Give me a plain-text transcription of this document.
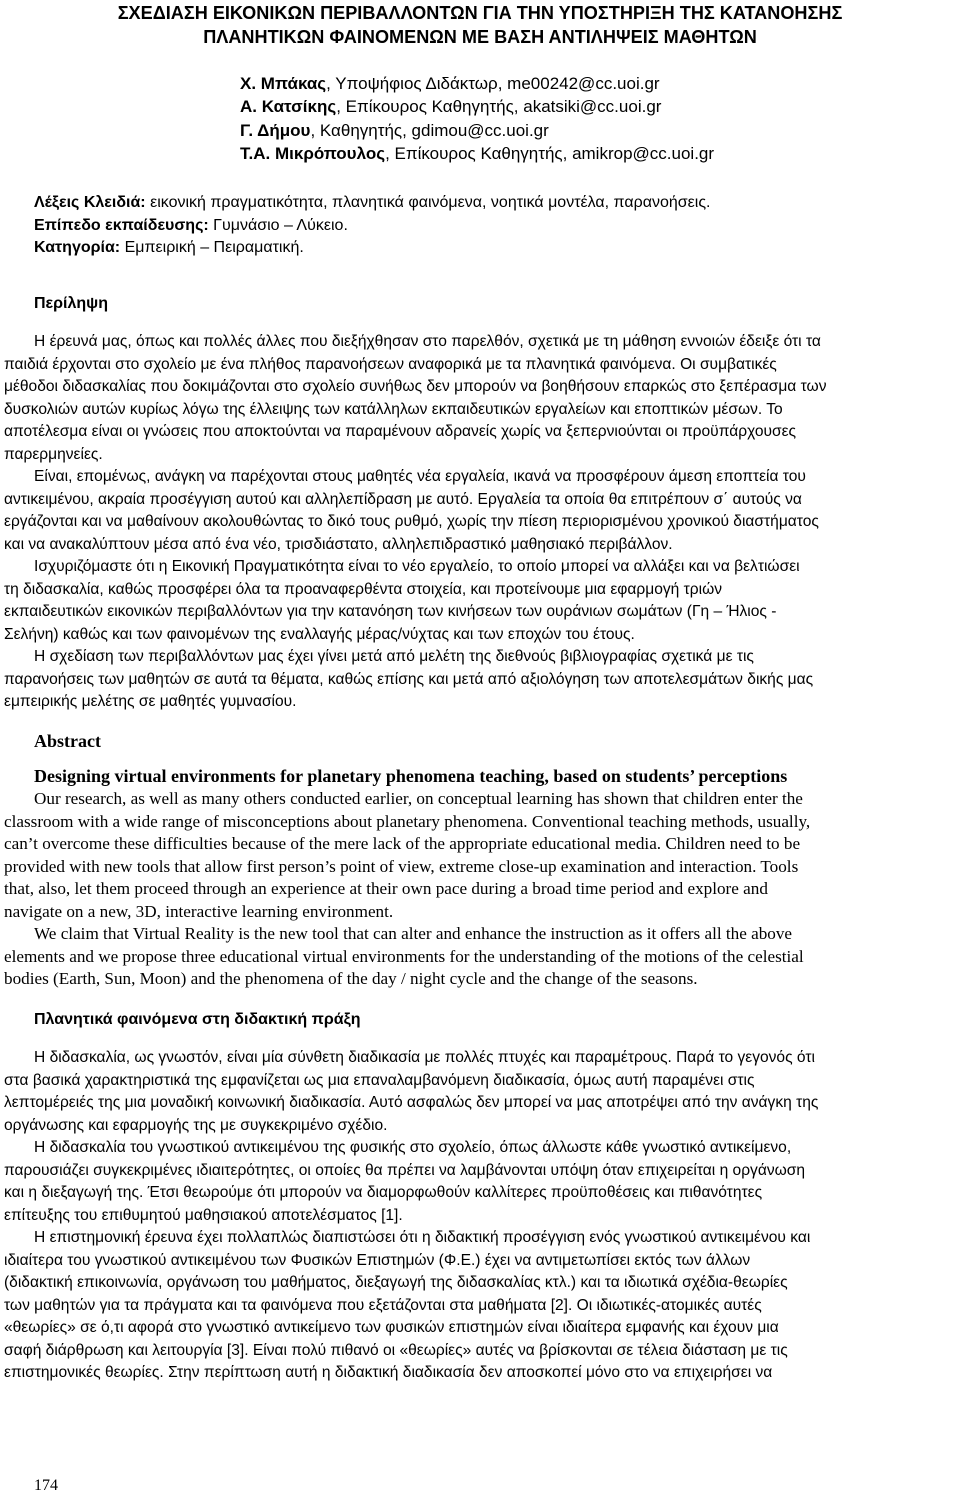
ΣΧΕΔΙΑΣΗ ΕΙΚΟΝΙΚΩΝ ΠΕΡΙΒΑΛΛΟΝΤΩΝ ΓΙΑ ΤΗΝ ΥΠΟΣΤΗΡΙΞΗ ΤΗΣ ΚΑΤΑΝΟΗΣΗΣ
ΠΛΑΝΗΤΙΚΩΝ ΦΑΙΝΟΜΕΝΩΝ ΜΕ ΒΑΣΗ ΑΝΤΙΛΗΨΕΙΣ ΜΑΘΗΤΩΝ
Χ. Μπάκας, Υποψήφιος Διδάκτωρ, me00242@cc.uoi.gr
Α. Κατσίκης, Επίκουρος Καθηγητής, akatsiki@cc.uoi.gr
Γ. Δήμου, Καθηγητής, gdimou@cc.uoi.gr
Τ.Α. Μικρόπουλος, Επίκουρος Καθηγητής, amikrop@cc.uoi.gr
Λέξεις Κλειδιά: εικονική πραγματικότητα, πλανητικά φαινόμενα, νοητικά μοντέλα, παρανοήσεις.
Επίπεδο εκπαίδευσης: Γυμνάσιο – Λύκειο.
Κατηγορία: Εμπειρική – Πειραματική.
Περίληψη
Η έρευνά μας, όπως και πολλές άλλες που διεξήχθησαν στο παρελθόν, σχετικά με τη μάθηση εννοιών έδειξε ότι τα
παιδιά έρχονται στο σχολείο με ένα πλήθος παρανοήσεων αναφορικά με τα πλανητικά φαινόμενα. Οι συμβατικές
μέθοδοι διδασκαλίας που δοκιμάζονται στο σχολείο συνήθως δεν μπορούν να βοηθήσουν επαρκώς στο ξεπέρασμα των
δυσκολιών αυτών κυρίως λόγω της έλλειψης των κατάλληλων εκπαιδευτικών εργαλείων και εποπτικών μέσων. Το
αποτέλεσμα είναι οι γνώσεις που αποκτούνται να παραμένουν αδρανείς χωρίς να ξεπερνιούνται οι προϋπάρχουσες
παρερμηνείες.
Είναι, επομένως, ανάγκη να παρέχονται στους μαθητές νέα εργαλεία, ικανά να προσφέρουν άμεση εποπτεία του
αντικειμένου, ακραία προσέγγιση αυτού και αλληλεπίδραση με αυτό. Εργαλεία τα οποία θα επιτρέπουν σ΄ αυτούς να
εργάζονται και να μαθαίνουν ακολουθώντας το δικό τους ρυθμό, χωρίς την πίεση περιορισμένου χρονικού διαστήματος
και να ανακαλύπτουν μέσα από ένα νέο, τρισδιάστατο, αλληλεπιδραστικό μαθησιακό περιβάλλον.
Ισχυριζόμαστε ότι η Εικονική Πραγματικότητα είναι το νέο εργαλείο, το οποίο μπορεί να αλλάξει και να βελτιώσει
τη διδασκαλία, καθώς προσφέρει όλα τα προαναφερθέντα στοιχεία, και προτείνουμε μια εφαρμογή τριών
εκπαιδευτικών εικονικών περιβαλλόντων για την κατανόηση των κινήσεων των ουράνιων σωμάτων (Γη – Ήλιος -
Σελήνη) καθώς και των φαινομένων της εναλλαγής μέρας/νύχτας και των εποχών του έτους.
Η σχεδίαση των περιβαλλόντων μας έχει γίνει μετά από μελέτη της διεθνούς βιβλιογραφίας σχετικά με τις
παρανοήσεις των μαθητών σε αυτά τα θέματα, καθώς επίσης και μετά από αξιολόγηση των αποτελεσμάτων δικής μας
εμπειρικής μελέτης σε μαθητές γυμνασίου.
Abstract
Designing virtual environments for planetary phenomena teaching, based on students’ perceptions
Our research, as well as many others conducted earlier, on conceptual learning has shown that children enter the
classroom with a wide range of misconceptions about planetary phenomena. Conventional teaching methods, usually,
can’t overcome these difficulties because of the mere lack of the appropriate educational media. Children need to be
provided with new tools that allow first person’s point of view, extreme close-up examination and interaction. Tools
that, also, let them proceed through an experience at their own pace during a broad time period and explore and
navigate on a new, 3D, interactive learning environment.
We claim that Virtual Reality is the new tool that can alter and enhance the instruction as it offers all the above
elements and we propose three educational virtual environments for the understanding of the motions of the celestial
bodies (Earth, Sun, Moon) and the phenomena of the day / night cycle and the change of the seasons.
Πλανητικά φαινόμενα στη διδακτική πράξη
Η διδασκαλία, ως γνωστόν, είναι μία σύνθετη διαδικασία με πολλές πτυχές και παραμέτρους. Παρά το γεγονός ότι
στα βασικά χαρακτηριστικά της εμφανίζεται ως μια επαναλαμβανόμενη διαδικασία, όμως αυτή παραμένει στις
λεπτομέρειές της μια μοναδική κοινωνική διαδικασία. Αυτό ασφαλώς δεν μπορεί να μας αποτρέψει από την ανάγκη της
οργάνωσης και εφαρμογής της με συγκεκριμένο σχέδιο.
Η διδασκαλία του γνωστικού αντικειμένου της φυσικής στο σχολείο, όπως άλλωστε κάθε γνωστικό αντικείμενο,
παρουσιάζει συγκεκριμένες ιδιαιτερότητες, οι οποίες θα πρέπει να λαμβάνονται υπόψη όταν επιχειρείται η οργάνωση
και η διεξαγωγή της. Έτσι θεωρούμε ότι μπορούν να διαμορφωθούν καλλίτερες προϋποθέσεις και πιθανότητες
επίτευξης του επιθυμητού μαθησιακού αποτελέσματος [1].
Η επιστημονική έρευνα έχει πολλαπλώς διαπιστώσει ότι η διδακτική προσέγγιση ενός γνωστικού αντικειμένου και
ιδιαίτερα του γνωστικού αντικειμένου των Φυσικών Επιστημών (Φ.Ε.) έχει να αντιμετωπίσει εκτός των άλλων
(διδακτική επικοινωνία, οργάνωση του μαθήματος, διεξαγωγή της διδασκαλίας κτλ.) και τα ιδιωτικά σχέδια-θεωρίες
των μαθητών για τα πράγματα και τα φαινόμενα που εξετάζονται στα μαθήματα [2]. Οι ιδιωτικές-ατομικές αυτές
«θεωρίες» σε ό,τι αφορά στο γνωστικό αντικείμενο των φυσικών επιστημών είναι ιδιαίτερα εμφανής και έχουν μια
σαφή διάρθρωση και λειτουργία [3]. Είναι πολύ πιθανό οι «θεωρίες» αυτές να βρίσκονται σε τέλεια διάσταση με τις
επιστημονικές θεωρίες. Στην περίπτωση αυτή η διδακτική διαδικασία δεν αποσκοπεί μόνο στο να επιχειρήσει να
174
